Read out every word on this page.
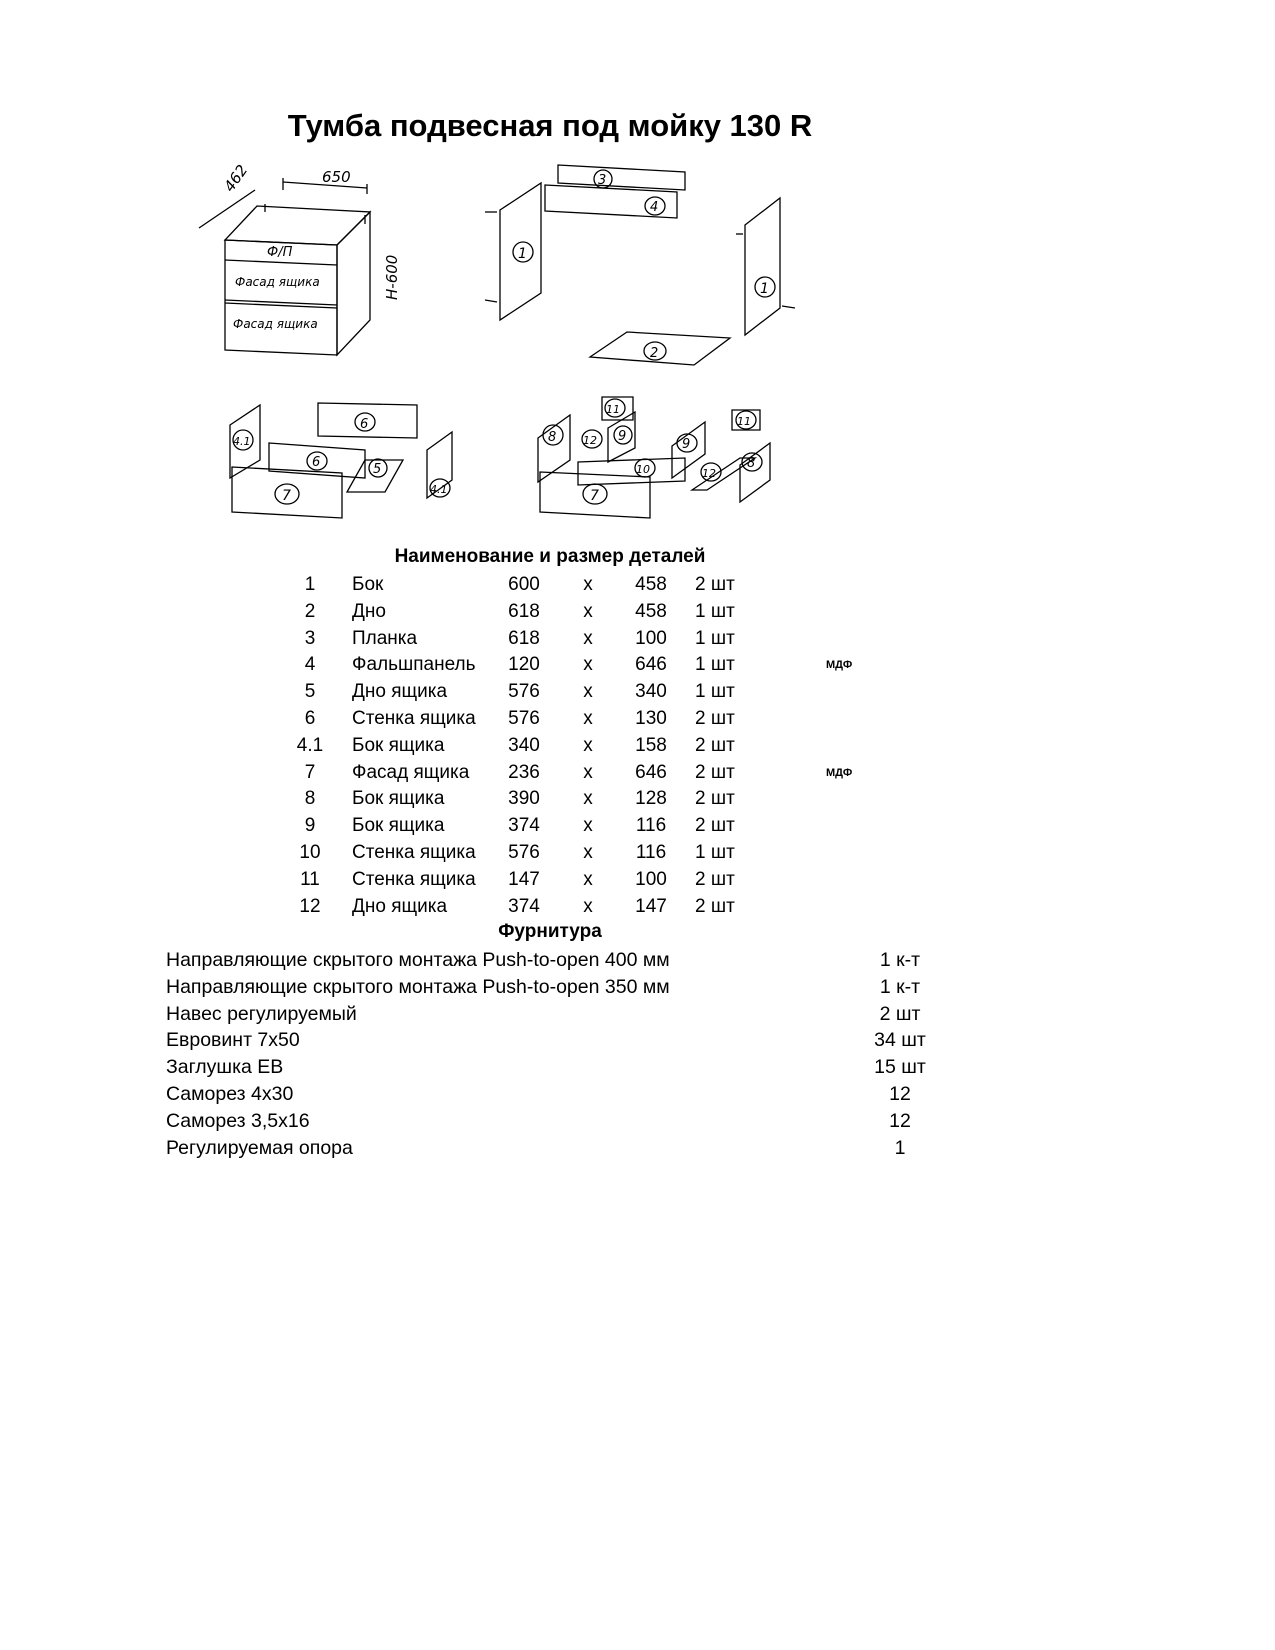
Тумба подвесная под мойку 130 R
462	650
H-600
Ф/П
Фасад ящика
Фасад ящика
1
1
3
4
2
4.1
6
6
7
5
4.1
8
11
12 9
10
7
9
11
12
8
Наименование и размер деталей
1	Бок	600	х	458	2 шт
2	Дно	618	х	458	1 шт
3	Планка	618	х	100	1 шт
4	Фальшпанель	120	х	646	1 шт	МДФ
5	Дно ящика	576	х	340	1 шт
6	Стенка ящика	576	х	130	2 шт
4.1	Бок ящика	340	х	158	2 шт
7	Фасад ящика	236	х	646	2 шт	МДФ
8	Бок ящика	390	х	128	2 шт
9	Бок ящика	374	х	116	2 шт
10	Стенка ящика	576	х	116	1 шт
11	Стенка ящика	147	х	100	2 шт
12	Дно ящика	374	х	147	2 шт
Фурнитура
Направляющие скрытого монтажа Push-to-open 400 мм	1 к-т
Направляющие скрытого монтажа Push-to-open 350 мм	1 к-т
Навес регулируемый	2 шт
Евровинт 7х50	34 шт
Заглушка ЕВ	15 шт
Саморез 4х30	12
Саморез 3,5х16	12
Регулируемая опора	1
